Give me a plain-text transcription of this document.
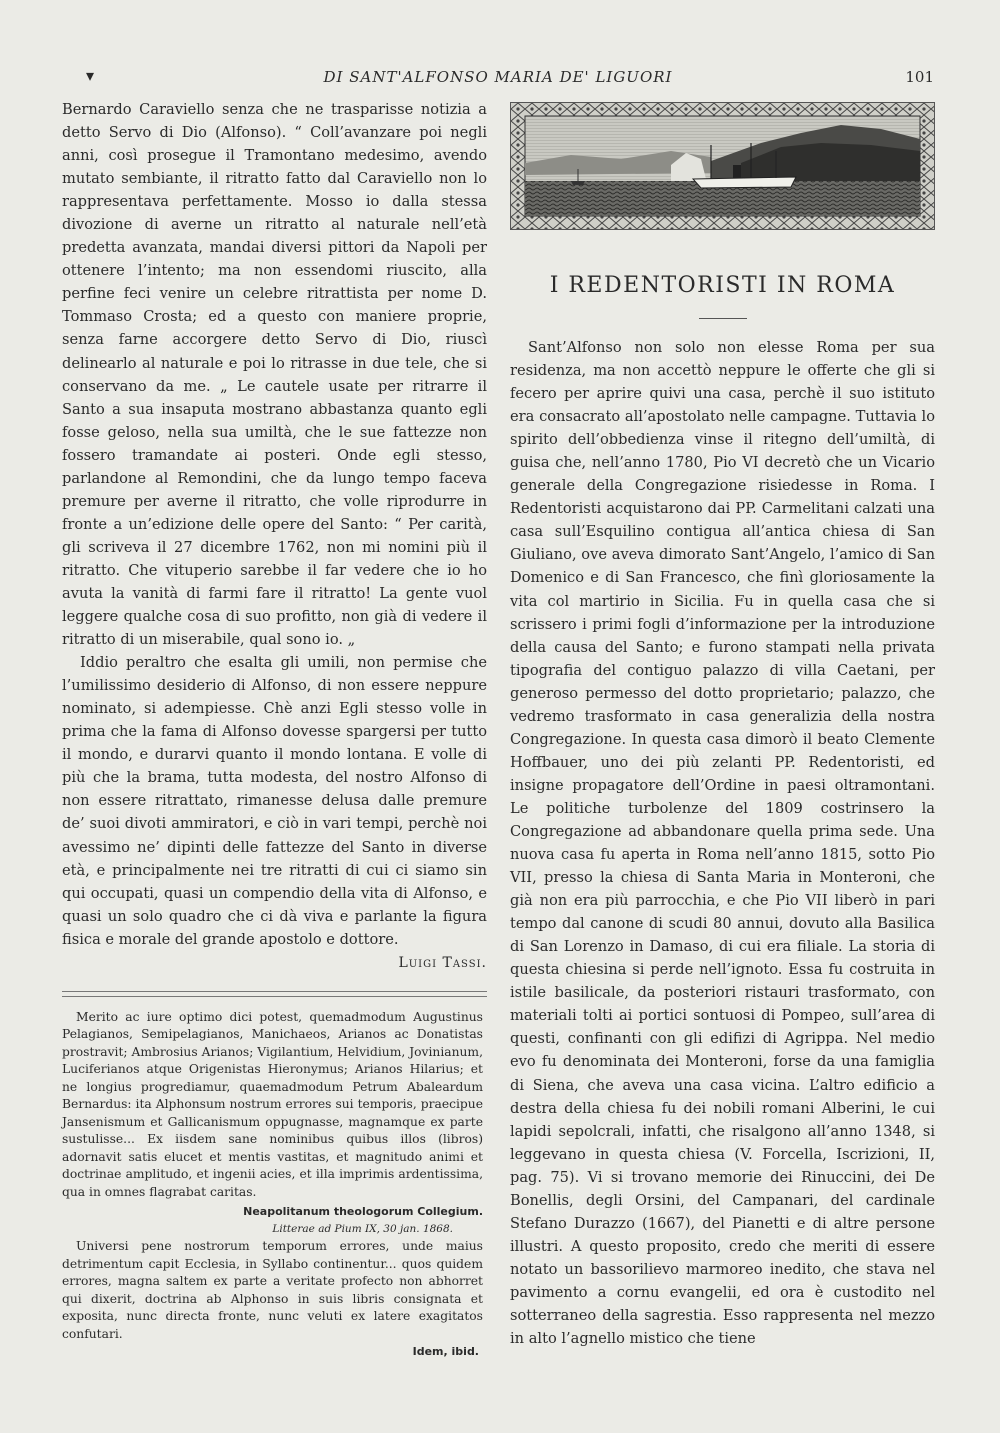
▾	DI SANT'ALFONSO MARIA DE' LIGUORI	101

Bernardo Caraviello senza che ne trasparisse notizia a detto Servo di Dio (Alfonso). “ Coll’avanzare poi negli anni, così prosegue il Tramontano medesimo, avendo mutato sembiante, il ritratto fatto dal Caraviello non lo rappresentava perfettamente. Mosso io dalla stessa divozione di averne un ritratto al naturale nell’età predetta avanzata, mandai diversi pittori da Napoli per ottenere l’intento; ma non essendomi riuscito, alla perfine feci venire un celebre ritrattista per nome D. Tommaso Crosta; ed a questo con maniere proprie, senza farne accorgere detto Servo di Dio, riuscì delinearlo al naturale e poi lo ritrasse in due tele, che si conservano da me. „ Le cautele usate per ritrarre il Santo a sua insaputa mostrano abbastanza quanto egli fosse geloso, nella sua umiltà, che le sue fattezze non fossero tramandate ai posteri. Onde egli stesso, parlandone al Remondini, che da lungo tempo faceva premure per averne il ritratto, che volle riprodurre in fronte a un’edizione delle opere del Santo: “ Per carità, gli scriveva il 27 dicembre 1762, non mi nomini più il ritratto. Che vituperio sarebbe il far vedere che io ho avuta la vanità di farmi fare il ritratto! La gente vuol leggere qualche cosa di suo profitto, non già di vedere il ritratto di un miserabile, qual sono io. „

Iddio peraltro che esalta gli umili, non permise che l’umilissimo desiderio di Alfonso, di non essere neppure nominato, si adempiesse. Chè anzi Egli stesso volle in prima che la fama di Alfonso dovesse spargersi per tutto il mondo, e durarvi quanto il mondo lontana. E volle di più che la brama, tutta modesta, del nostro Alfonso di non essere ritrattato, rimanesse delusa dalle premure de’ suoi divoti ammiratori, e ciò in vari tempi, perchè noi avessimo ne’ dipinti delle fattezze del Santo in diverse età, e principalmente nei tre ritratti di cui ci siamo sin qui occupati, quasi un compendio della vita di Alfonso, e quasi un solo quadro che ci dà viva e parlante la figura fisica e morale del grande apostolo e dottore.

Luigi Tassi.

Merito ac iure optimo dici potest, quemadmodum Augustinus Pelagianos, Semipelagianos, Manichaeos, Arianos ac Donatistas prostravit; Ambrosius Arianos; Vigilantium, Helvidium, Jovinianum, Luciferianos atque Origenistas Hieronymus; Arianos Hilarius; et ne longius progrediamur, quaemadmodum Petrum Abaleardum Bernardus: ita Alphonsum nostrum errores sui temporis, praecipue Jansenismum et Gallicanismum oppugnasse, magnamque ex parte sustulisse... Ex iisdem sane nominibus quibus illos (libros) adornavit satis elucet et mentis vastitas, et magnitudo animi et doctrinae amplitudo, et ingenii acies, et illa imprimis ardentissima, qua in omnes flagrabat caritas.

Neapolitanum theologorum Collegium.
Litterae ad Pium IX, 30 jan. 1868.

Universi pene nostrorum temporum errores, unde maius detrimentum capit Ecclesia, in Syllabo continentur... quos quidem errores, magna saltem ex parte a veritate profecto non abhorret qui dixerit, doctrina ab Alphonso in suis libris consignata et exposita, nunc directa fronte, nunc veluti ex latere exagitatos confutari.

Idem, ibid.
I REDENTORISTI IN ROMA

Sant’Alfonso non solo non elesse Roma per sua residenza, ma non accettò neppure le offerte che gli si fecero per aprire quivi una casa, perchè il suo istituto era consacrato all’apostolato nelle campagne. Tuttavia lo spirito dell’obbedienza vinse il ritegno dell’umiltà, di guisa che, nell’anno 1780, Pio VI decretò che un Vicario generale della Congregazione risiedesse in Roma. I Redentoristi acquistarono dai PP. Carmelitani calzati una casa sull’Esquilino contigua all’antica chiesa di San Giuliano, ove aveva dimorato Sant’Angelo, l’amico di San Domenico e di San Francesco, che finì gloriosamente la vita col martirio in Sicilia. Fu in quella casa che si scrissero i primi fogli d’informazione per la introduzione della causa del Santo; e furono stampati nella privata tipografia del contiguo palazzo di villa Caetani, per generoso permesso del dotto proprietario; palazzo, che vedremo trasformato in casa generalizia della nostra Congregazione. In questa casa dimorò il beato Clemente Hoffbauer, uno dei più zelanti PP. Redentoristi, ed insigne propagatore dell’Ordine in paesi oltramontani. Le politiche turbolenze del 1809 costrinsero la Congregazione ad abbandonare quella prima sede. Una nuova casa fu aperta in Roma nell’anno 1815, sotto Pio VII, presso la chiesa di Santa Maria in Monteroni, che già non era più parrocchia, e che Pio VII liberò in pari tempo dal canone di scudi 80 annui, dovuto alla Basilica di San Lorenzo in Damaso, di cui era filiale. La storia di questa chiesina si perde nell’ignoto. Essa fu costruita in istile basilicale, da posteriori ristauri trasformato, con materiali tolti ai portici sontuosi di Pompeo, sull’area di questi, confinanti con gli edifizi di Agrippa. Nel medio evo fu denominata dei Monteroni, forse da una famiglia di Siena, che aveva una casa vicina. L’altro edificio a destra della chiesa fu dei nobili romani Alberini, le cui lapidi sepolcrali, infatti, che risalgono all’anno 1348, si leggevano in questa chiesa (V. Forcella, Iscrizioni, II, pag. 75). Vi si trovano memorie dei Rinuccini, dei De Bonellis, degli Orsini, del Campanari, del cardinale Stefano Durazzo (1667), del Pianetti e di altre persone illustri. A questo proposito, credo che meriti di essere notato un bassorilievo marmoreo inedito, che stava nel pavimento a cornu evangelii, ed ora è custodito nel sotterraneo della sagrestia. Esso rappresenta nel mezzo in alto l’agnello mistico che tiene
